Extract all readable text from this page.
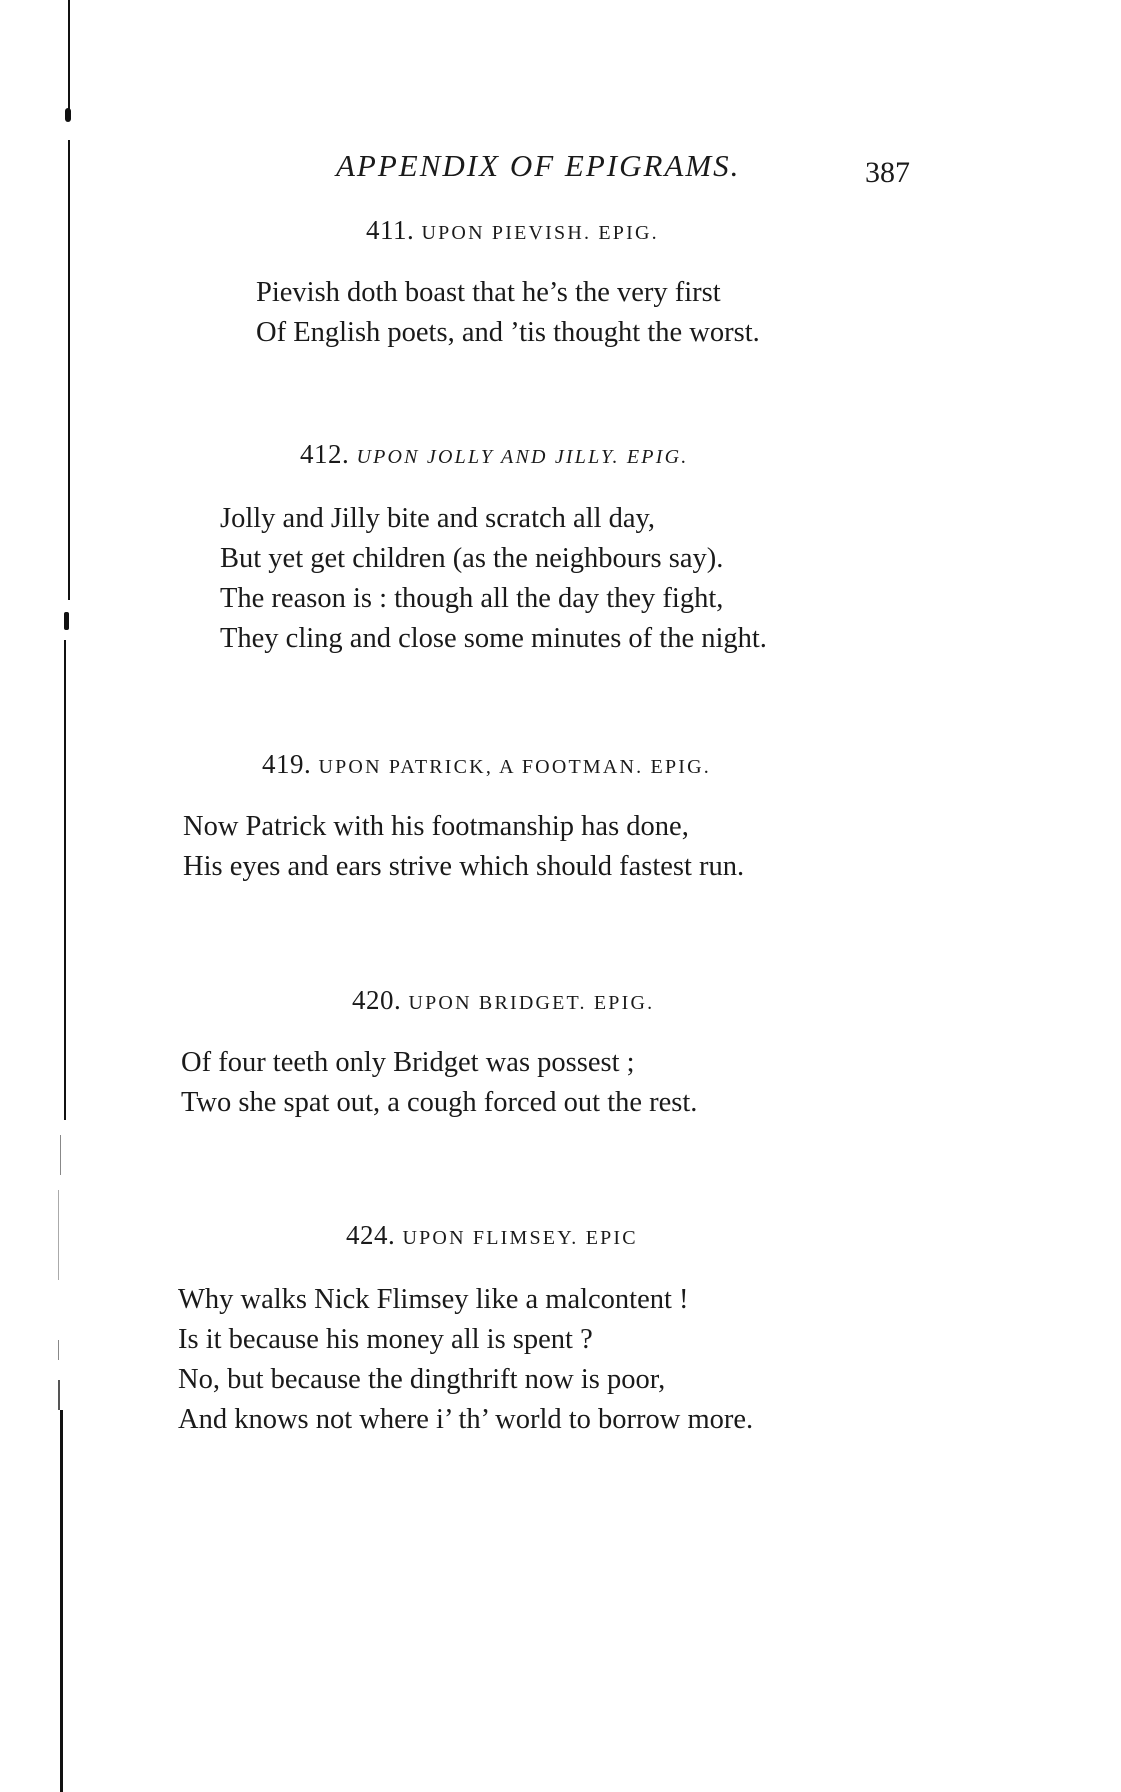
APPENDIX OF EPIGRAMS.	387
411. UPON PIEVISH. EPIG.
Pievish doth boast that he’s the very first
Of English poets, and ’tis thought the worst.
412. UPON JOLLY AND JILLY. EPIG.
Jolly and Jilly bite and scratch all day,
But yet get children (as the neighbours say).
The reason is : though all the day they fight,
They cling and close some minutes of the night.
419. UPON PATRICK, A FOOTMAN. EPIG.
Now Patrick with his footmanship has done,
His eyes and ears strive which should fastest run.
420. UPON BRIDGET. EPIG.
Of four teeth only Bridget was possest ;
Two she spat out, a cough forced out the rest.
424. UPON FLIMSEY. EPIC
Why walks Nick Flimsey like a malcontent !
Is it because his money all is spent ?
No, but because the dingthrift now is poor,
And knows not where i’ th’ world to borrow more.
